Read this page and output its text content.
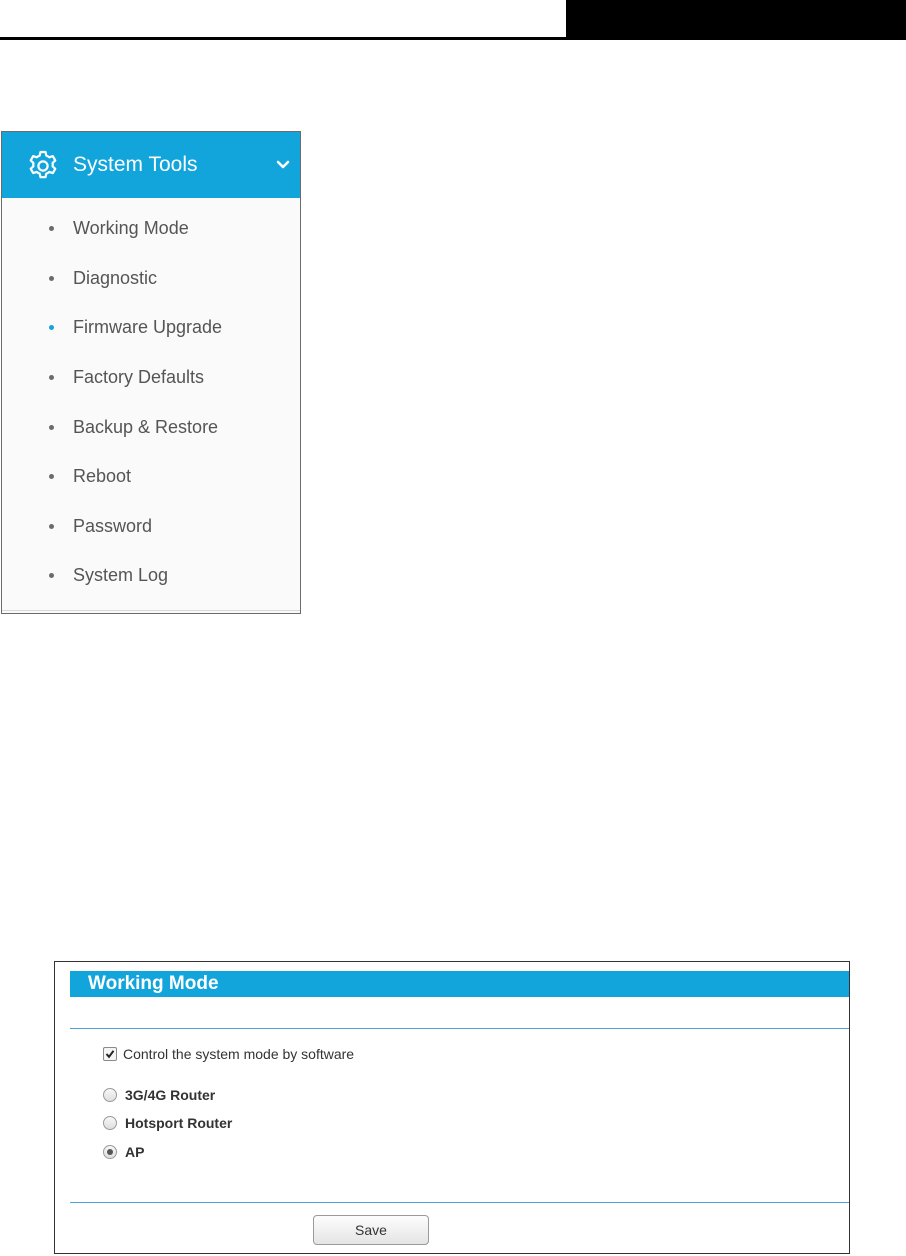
System Tools
Working Mode
Diagnostic
Firmware Upgrade
Factory Defaults
Backup & Restore
Reboot
Password
System Log
Working Mode
Control the system mode by software
3G/4G Router
Hotsport Router
AP
Save
